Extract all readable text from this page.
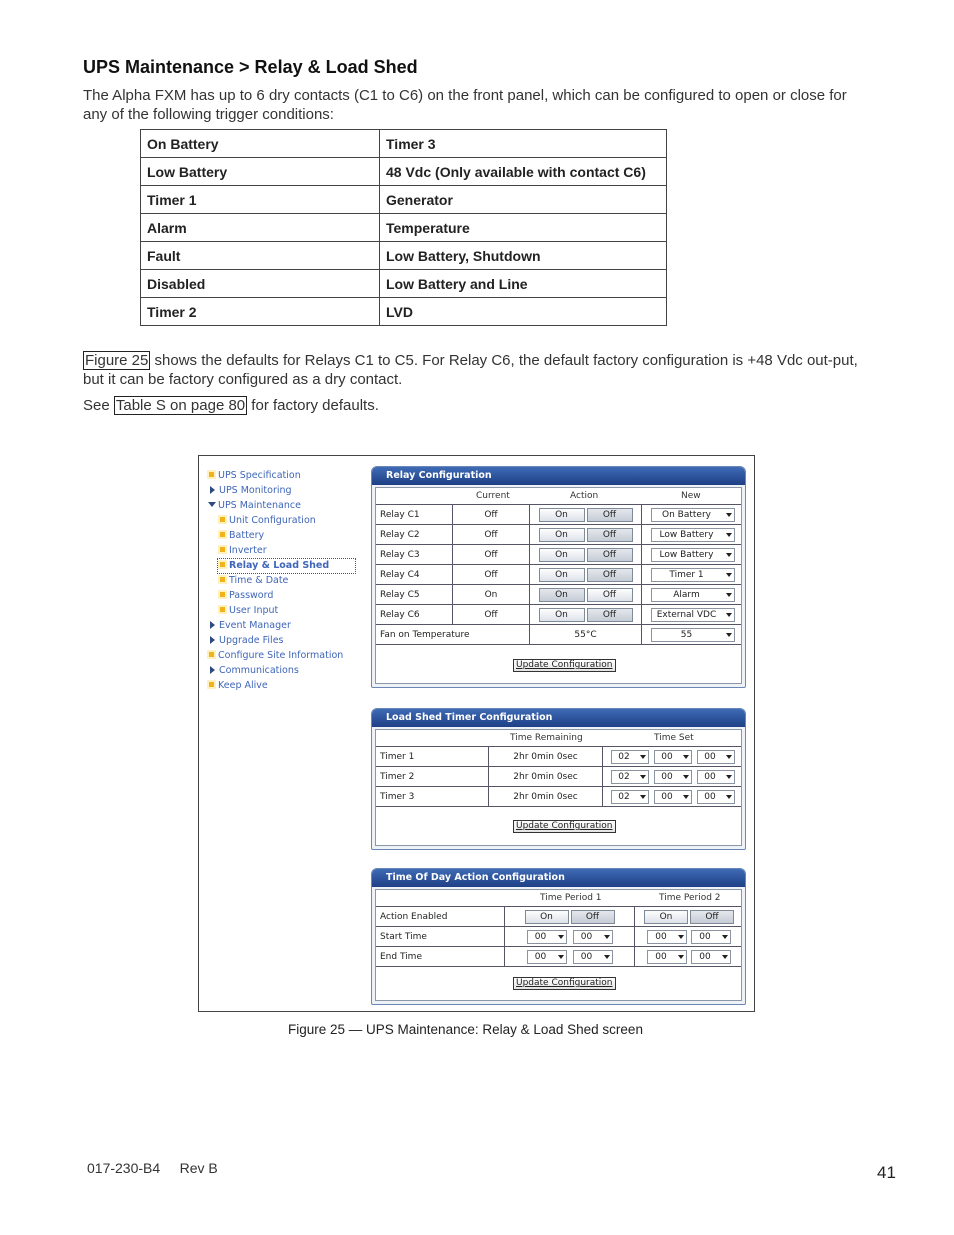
UPS Maintenance > Relay & Load Shed

The Alpha FXM has up to 6 dry contacts (C1 to C6) on the front panel, which can be configured to open or close for any of the following trigger conditions:

On Battery	Timer 3
Low Battery	48 Vdc (Only available with contact C6)
Timer 1	Generator
Alarm	Temperature
Fault	Low Battery, Shutdown
Disabled	Low Battery and Line
Timer 2	LVD

Figure 25 shows the defaults for Relays C1 to C5. For Relay C6, the default factory configuration is +48 Vdc out-put, but it can be factory configured as a dry contact.

See Table S on page 80 for factory defaults.

UPS Specification
UPS Monitoring
UPS Maintenance
Unit Configuration
Battery
Inverter
Relay & Load Shed
Time & Date
Password
User Input
Event Manager
Upgrade Files
Configure Site Information
Communications
Keep Alive
Relay Configuration
Current	Action	New
Relay C1	Off	On	Off	On Battery
Relay C2	Off	On	Off	Low Battery
Relay C3	Off	On	Off	Low Battery
Relay C4	Off	On	Off	Timer 1
Relay C5	On	On	Off	Alarm
Relay C6	Off	On	Off	External VDC
Fan on Temperature	55°C	55
Update Configuration
Load Shed Timer Configuration
Time Remaining	Time Set
Timer 1	2hr 0min 0sec	02	00	00
Timer 2	2hr 0min 0sec	02	00	00
Timer 3	2hr 0min 0sec	02	00	00
Update Configuration
Time Of Day Action Configuration
Time Period 1	Time Period 2
Action Enabled	On	Off	On	Off
Start Time	00	00	00	00
End Time	00	00	00	00
Update Configuration
Figure 25 — UPS Maintenance: Relay & Load Shed screen
017-230-B4     Rev B	41
